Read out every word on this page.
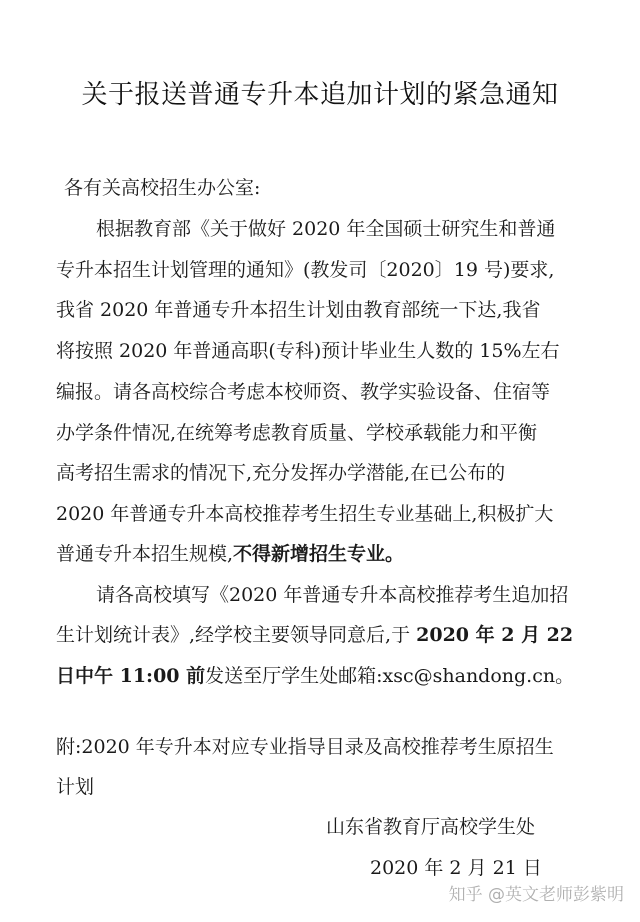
关于报送普通专升本追加计划的紧急通知
各有关高校招生办公室:
根据教育部《关于做好 2020 年全国硕士研究生和普通
专升本招生计划管理的通知》(教发司〔2020〕19 号)要求,
我省 2020 年普通专升本招生计划由教育部统一下达,我省
将按照 2020 年普通高职(专科)预计毕业生人数的 15%左右
编报。请各高校综合考虑本校师资、教学实验设备、住宿等
办学条件情况,在统筹考虑教育质量、学校承载能力和平衡
高考招生需求的情况下,充分发挥办学潜能,在已公布的
2020 年普通专升本高校推荐考生招生专业基础上,积极扩大
普通专升本招生规模,不得新增招生专业。
请各高校填写《2020 年普通专升本高校推荐考生追加招
生计划统计表》,经学校主要领导同意后,于 2020 年 2 月 22
日中午 11:00 前发送至厅学生处邮箱:xsc@shandong.cn。
附:2020 年专升本对应专业指导目录及高校推荐考生原招生
计划
山东省教育厅高校学生处
2020 年 2 月 21 日
知乎 @英文老师彭紫明
